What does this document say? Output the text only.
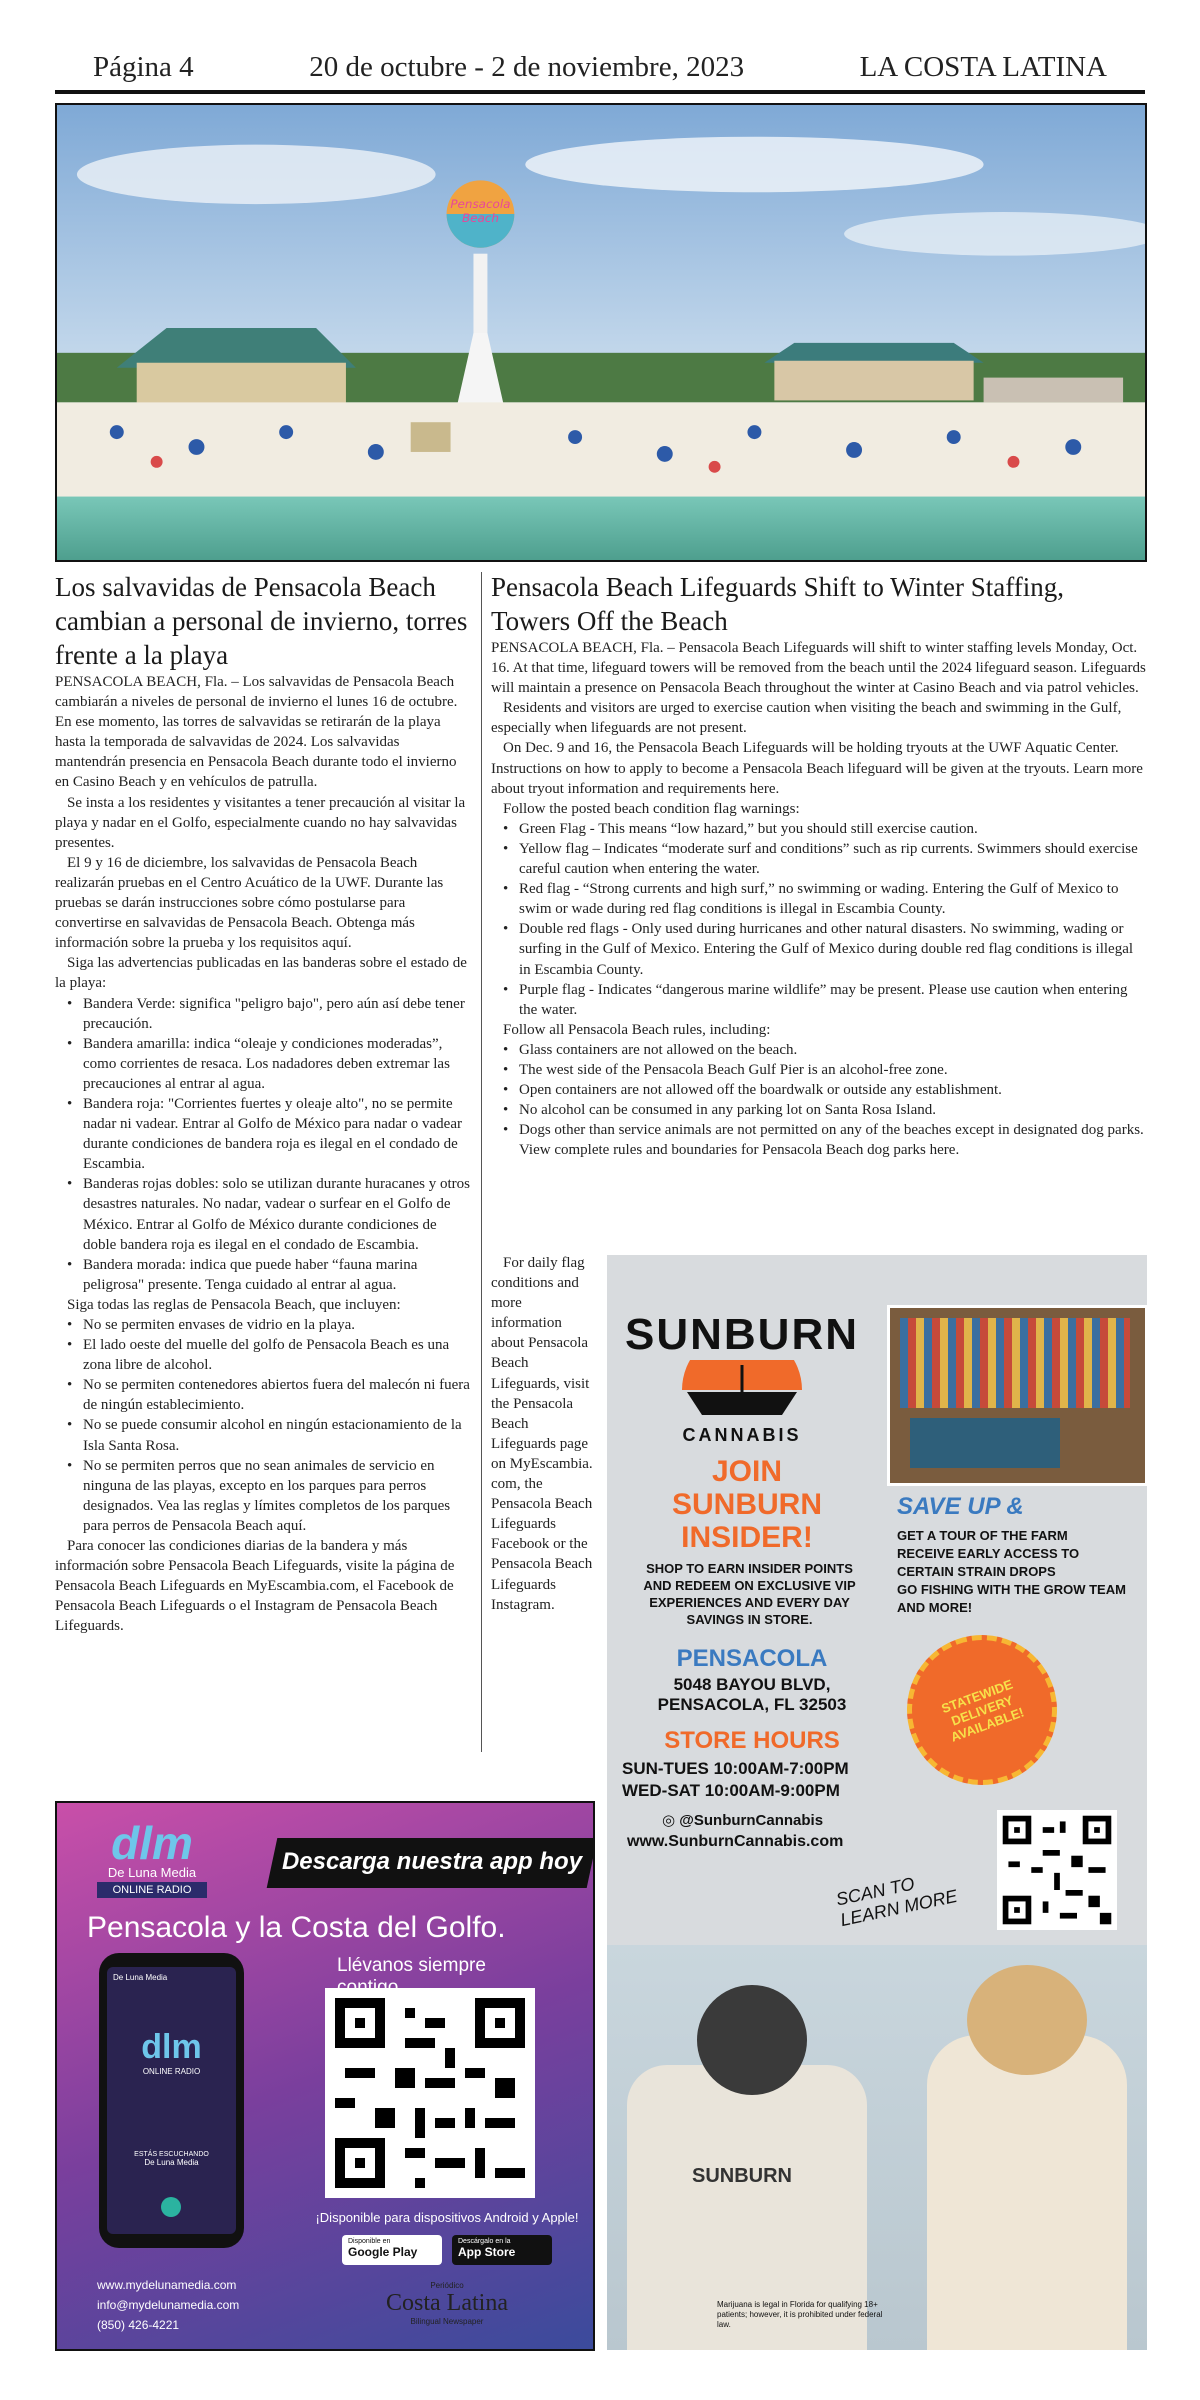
Página 4	20 de octubre - 2 de noviembre, 2023	LA COSTA LATINA
Pensacola
Beach
Los salvavidas de Pensacola Beach cambian a personal de invierno, torres frente a la playa

PENSACOLA BEACH, Fla. – Los salvavidas de Pensacola Beach cambiarán a niveles de personal de invierno el lunes 16 de octubre. En ese momento, las torres de salvavidas se retirarán de la playa hasta la temporada de salvavidas de 2024. Los salvavidas mantendrán presencia en Pensacola Beach durante todo el invierno en Casino Beach y en vehículos de patrulla.

Se insta a los residentes y visitantes a tener precaución al visitar la playa y nadar en el Golfo, especialmente cuando no hay salvavidas presentes.

El 9 y 16 de diciembre, los salvavidas de Pensacola Beach realizarán pruebas en el Centro Acuático de la UWF. Durante las pruebas se darán instrucciones sobre cómo postularse para convertirse en salvavidas de Pensacola Beach. Obtenga más información sobre la prueba y los requisitos aquí.

Siga las advertencias publicadas en las banderas sobre el estado de la playa:

• Bandera Verde: significa "peligro bajo", pero aún así debe tener precaución.
• Bandera amarilla: indica “oleaje y condiciones moderadas”, como corrientes de resaca. Los nadadores deben extremar las precauciones al entrar al agua.
• Bandera roja: "Corrientes fuertes y oleaje alto", no se permite nadar ni vadear. Entrar al Golfo de México para nadar o vadear durante condiciones de bandera roja es ilegal en el condado de Escambia.
• Banderas rojas dobles: solo se utilizan durante huracanes y otros desastres naturales. No nadar, vadear o surfear en el Golfo de México. Entrar al Golfo de México durante condiciones de doble bandera roja es ilegal en el condado de Escambia.
• Bandera morada: indica que puede haber “fauna marina peligrosa" presente. Tenga cuidado al entrar al agua.

Siga todas las reglas de Pensacola Beach, que incluyen:

• No se permiten envases de vidrio en la playa.
• El lado oeste del muelle del golfo de Pensacola Beach es una zona libre de alcohol.
• No se permiten contenedores abiertos fuera del malecón ni fuera de ningún establecimiento.
• No se puede consumir alcohol en ningún estacionamiento de la Isla Santa Rosa.
• No se permiten perros que no sean animales de servicio en ninguna de las playas, excepto en los parques para perros designados. Vea las reglas y límites completos de los parques para perros de Pensacola Beach aquí.

Para conocer las condiciones diarias de la bandera y más información sobre Pensacola Beach Lifeguards, visite la página de Pensacola Beach Lifeguards en MyEscambia.com, el Facebook de Pensacola Beach Lifeguards o el Instagram de Pensacola Beach Lifeguards.

Pensacola Beach Lifeguards Shift to Winter Staffing, Towers Off the Beach

PENSACOLA BEACH, Fla. – Pensacola Beach Lifeguards will shift to winter staffing levels Monday, Oct. 16. At that time, lifeguard towers will be removed from the beach until the 2024 lifeguard season. Lifeguards will maintain a presence on Pensacola Beach throughout the winter at Casino Beach and via patrol vehicles.

Residents and visitors are urged to exercise caution when visiting the beach and swimming in the Gulf, especially when lifeguards are not present.

On Dec. 9 and 16, the Pensacola Beach Lifeguards will be holding tryouts at the UWF Aquatic Center. Instructions on how to apply to become a Pensacola Beach lifeguard will be given at the tryouts. Learn more about tryout information and requirements here.

Follow the posted beach condition flag warnings:

• Green Flag - This means “low hazard,” but you should still exercise caution.
• Yellow flag – Indicates “moderate surf and conditions” such as rip currents. Swimmers should exercise careful caution when entering the water.
• Red flag - “Strong currents and high surf,” no swimming or wading. Entering the Gulf of Mexico to swim or wade during red flag conditions is illegal in Escambia County.
• Double red flags - Only used during hurricanes and other natural disasters. No swimming, wading or surfing in the Gulf of Mexico. Entering the Gulf of Mexico during double red flag conditions is illegal in Escambia County.
• Purple flag - Indicates “dangerous marine wildlife” may be present. Please use caution when entering the water.

Follow all Pensacola Beach rules, including:

• Glass containers are not allowed on the beach.
• The west side of the Pensacola Beach Gulf Pier is an alcohol-free zone.
• Open containers are not allowed off the boardwalk or outside any establishment.
• No alcohol can be consumed in any parking lot on Santa Rosa Island.
• Dogs other than service animals are not permitted on any of the beaches except in designated dog parks. View complete rules and boundaries for Pensacola Beach dog parks here.

For daily flag conditions and more information about Pensacola Beach Lifeguards, visit the Pensacola Beach Lifeguards page on MyEscambia. com, the Pensacola Beach Lifeguards Facebook or the Pensacola Beach Lifeguards Instagram.

dlm
De Luna Media
ONLINE RADIO
Descarga nuestra app hoy
Pensacola y la Costa del Golfo.
Llévanos siempre
De Luna Media
dlm
ONLINE RADIO
ESTÁS ESCUCHANDO
De Luna Media
¡Disponible para dispositivos Android y Apple!
Disponible en
Google Play
Descárgalo en la
App Store
www.mydelunamedia.com
info@mydelunamedia.com
(850) 426-4221
Periódico
Costa Latina
Bilingual Newspaper
SUNBURN
CANNABIS
JOIN
SUNBURN
INSIDER!
SHOP TO EARN INSIDER POINTS AND REDEEM ON EXCLUSIVE VIP EXPERIENCES AND EVERY DAY SAVINGS IN STORE.
SAVE UP &
GET A TOUR OF THE FARM
RECEIVE EARLY ACCESS TO CERTAIN STRAIN DROPS
GO FISHING WITH THE GROW TEAM AND MORE!
PENSACOLA
5048 BAYOU BLVD,
PENSACOLA, FL 32503
STORE HOURS
SUN-TUES 10:00AM-7:00PM
WED-SAT 10:00AM-9:00PM
STATEWIDE DELIVERY AVAILABLE!
◎ @SunburnCannabis
www.SunburnCannabis.com
SCAN TO LEARN MORE
SUNBURN
Marijuana is legal in Florida for qualifying 18+ patients; however, it is prohibited under federal law.
